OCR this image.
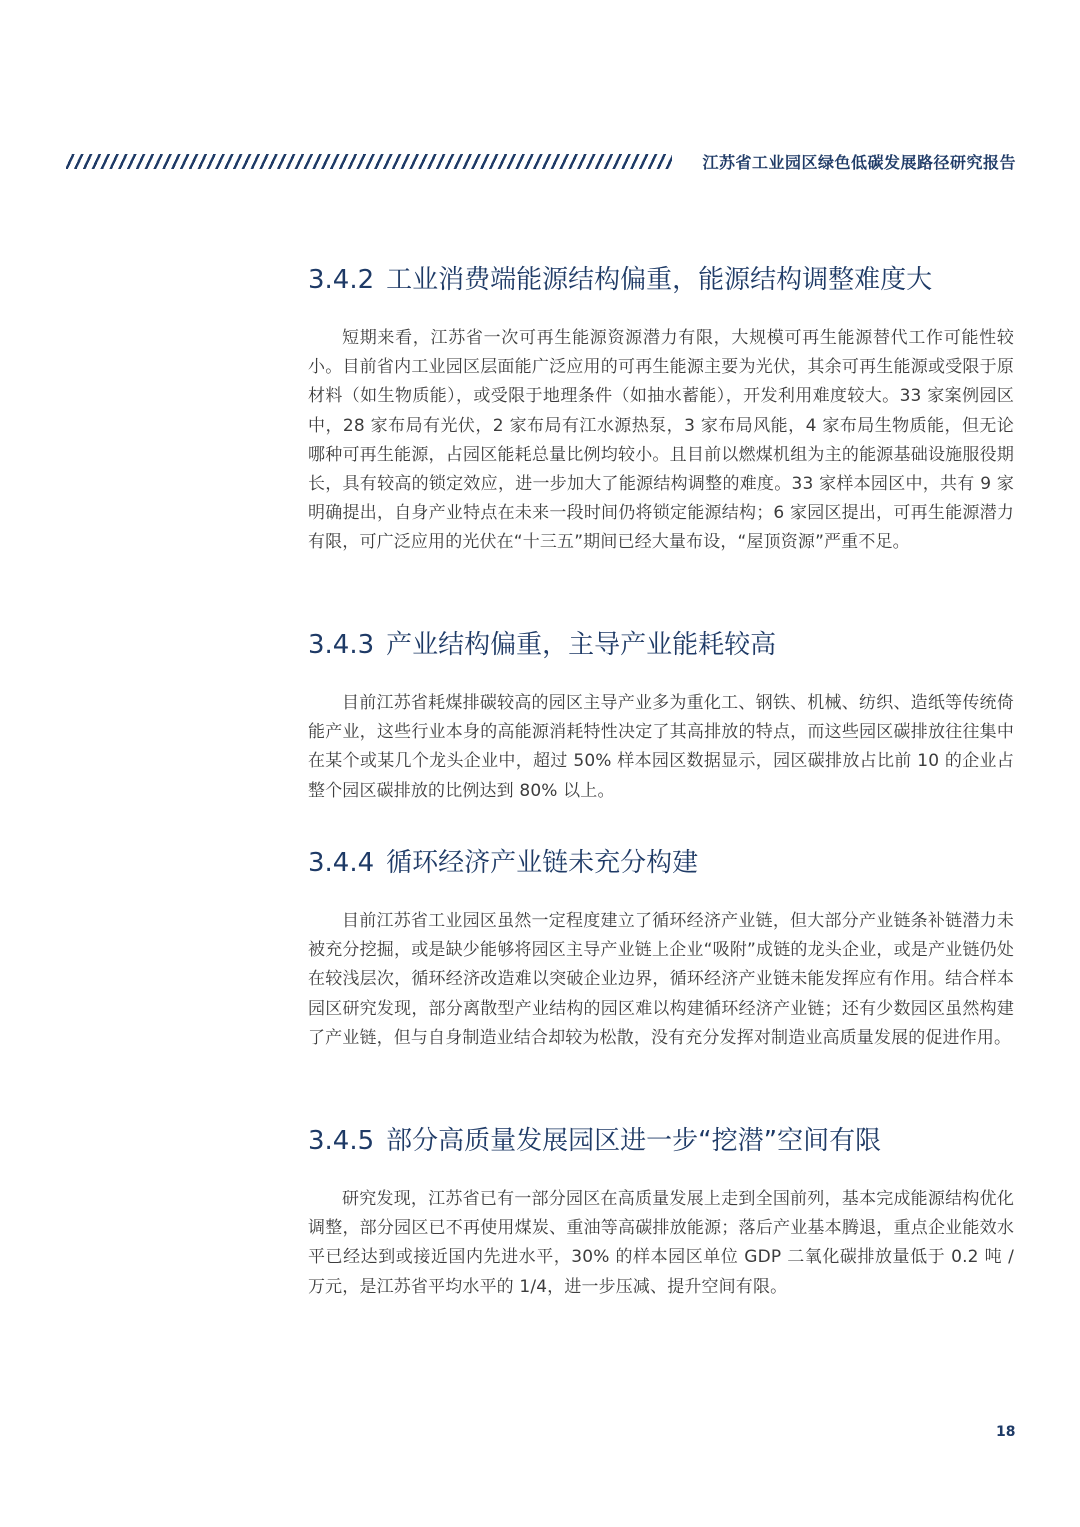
江苏省工业园区绿色低碳发展路径研究报告
3.4.2 工业消费端能源结构偏重，能源结构调整难度大

短期来看，江苏省一次可再生能源资源潜力有限，大规模可再生能源替代工作可能性较小。目前省内工业园区层面能广泛应用的可再生能源主要为光伏，其余可再生能源或受限于原材料（如生物质能），或受限于地理条件（如抽水蓄能），开发利用难度较大。33 家案例园区中，28 家布局有光伏，2 家布局有江水源热泵，3 家布局风能，4 家布局生物质能，但无论哪种可再生能源，占园区能耗总量比例均较小。且目前以燃煤机组为主的能源基础设施服役期长，具有较高的锁定效应，进一步加大了能源结构调整的难度。33 家样本园区中，共有 9 家明确提出，自身产业特点在未来一段时间仍将锁定能源结构；6 家园区提出，可再生能源潜力有限，可广泛应用的光伏在“十三五”期间已经大量布设，“屋顶资源”严重不足。

3.4.3 产业结构偏重，主导产业能耗较高

目前江苏省耗煤排碳较高的园区主导产业多为重化工、钢铁、机械、纺织、造纸等传统倚能产业，这些行业本身的高能源消耗特性决定了其高排放的特点，而这些园区碳排放往往集中在某个或某几个龙头企业中，超过 50% 样本园区数据显示，园区碳排放占比前 10 的企业占整个园区碳排放的比例达到 80% 以上。

3.4.4 循环经济产业链未充分构建

目前江苏省工业园区虽然一定程度建立了循环经济产业链，但大部分产业链条补链潜力未被充分挖掘，或是缺少能够将园区主导产业链上企业“吸附”成链的龙头企业，或是产业链仍处在较浅层次，循环经济改造难以突破企业边界，循环经济产业链未能发挥应有作用。结合样本园区研究发现，部分离散型产业结构的园区难以构建循环经济产业链；还有少数园区虽然构建了产业链，但与自身制造业结合却较为松散，没有充分发挥对制造业高质量发展的促进作用。

3.4.5 部分高质量发展园区进一步“挖潜”空间有限

研究发现，江苏省已有一部分园区在高质量发展上走到全国前列，基本完成能源结构优化调整，部分园区已不再使用煤炭、重油等高碳排放能源；落后产业基本腾退，重点企业能效水平已经达到或接近国内先进水平，30% 的样本园区单位 GDP 二氧化碳排放量低于 0.2 吨 / 万元，是江苏省平均水平的 1/4，进一步压减、提升空间有限。

18
